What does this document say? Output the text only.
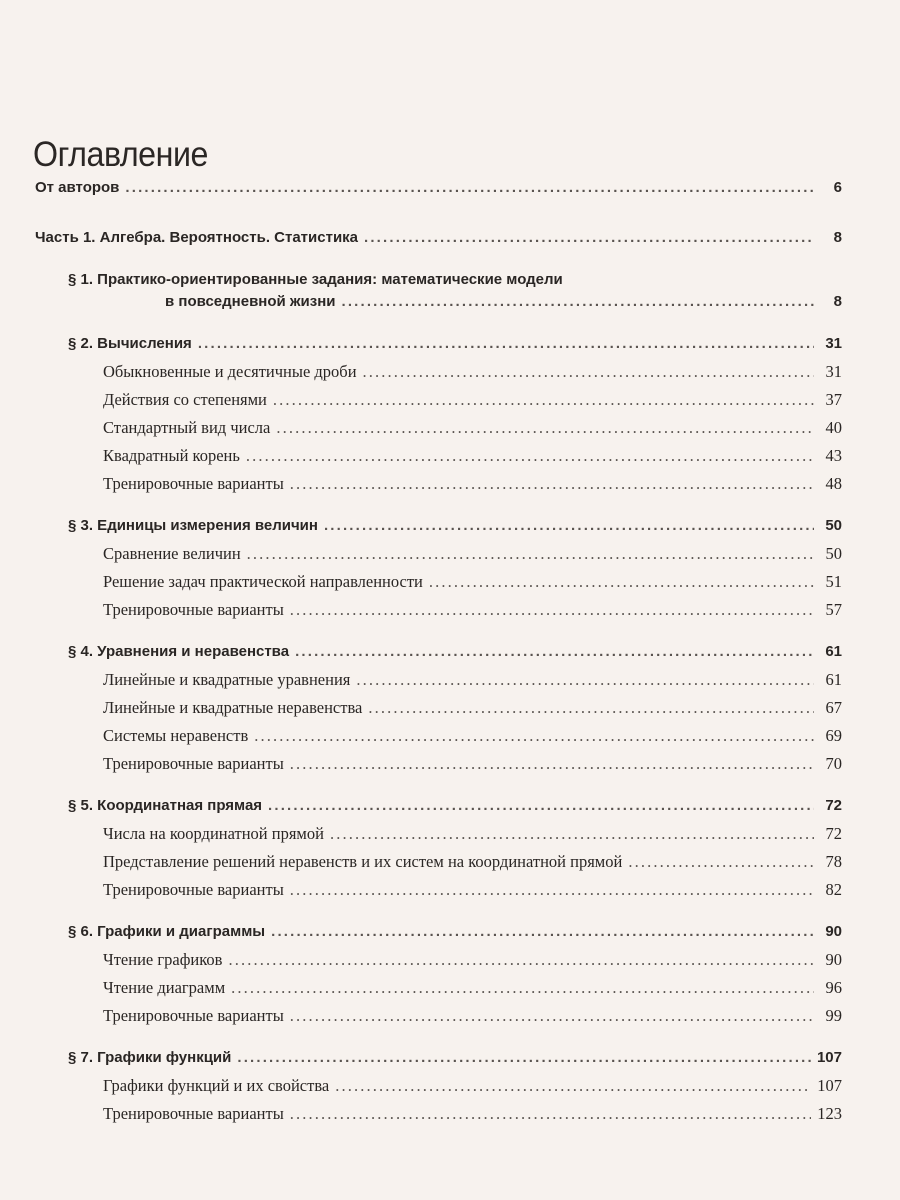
Оглавление
От авторов . . .	6
Часть 1. Алгебра. Вероятность. Статистика . . .	8
§ 1. Практико-ориентированные задания: математические модели
в повседневной жизни . . .	8
§ 2. Вычисления . . .	31
Обыкновенные и десятичные дроби . . .	31
Действия со степенями . . .	37
Стандартный вид числа . . .	40
Квадратный корень . . .	43
Тренировочные варианты . . .	48
§ 3. Единицы измерения величин . . .	50
Сравнение величин . . .	50
Решение задач практической направленности . . .	51
Тренировочные варианты . . .	57
§ 4. Уравнения и неравенства . . .	61
Линейные и квадратные уравнения . . .	61
Линейные и квадратные неравенства . . .	67
Системы неравенств . . .	69
Тренировочные варианты . . .	70
§ 5. Координатная прямая . . .	72
Числа на координатной прямой . . .	72
Представление решений неравенств и их систем на координатной прямой . . .	78
Тренировочные варианты . . .	82
§ 6. Графики и диаграммы . . .	90
Чтение графиков . . .	90
Чтение диаграмм . . .	96
Тренировочные варианты . . .	99
§ 7. Графики функций . . .	107
Графики функций и их свойства . . .	107
Тренировочные варианты . . .	123
